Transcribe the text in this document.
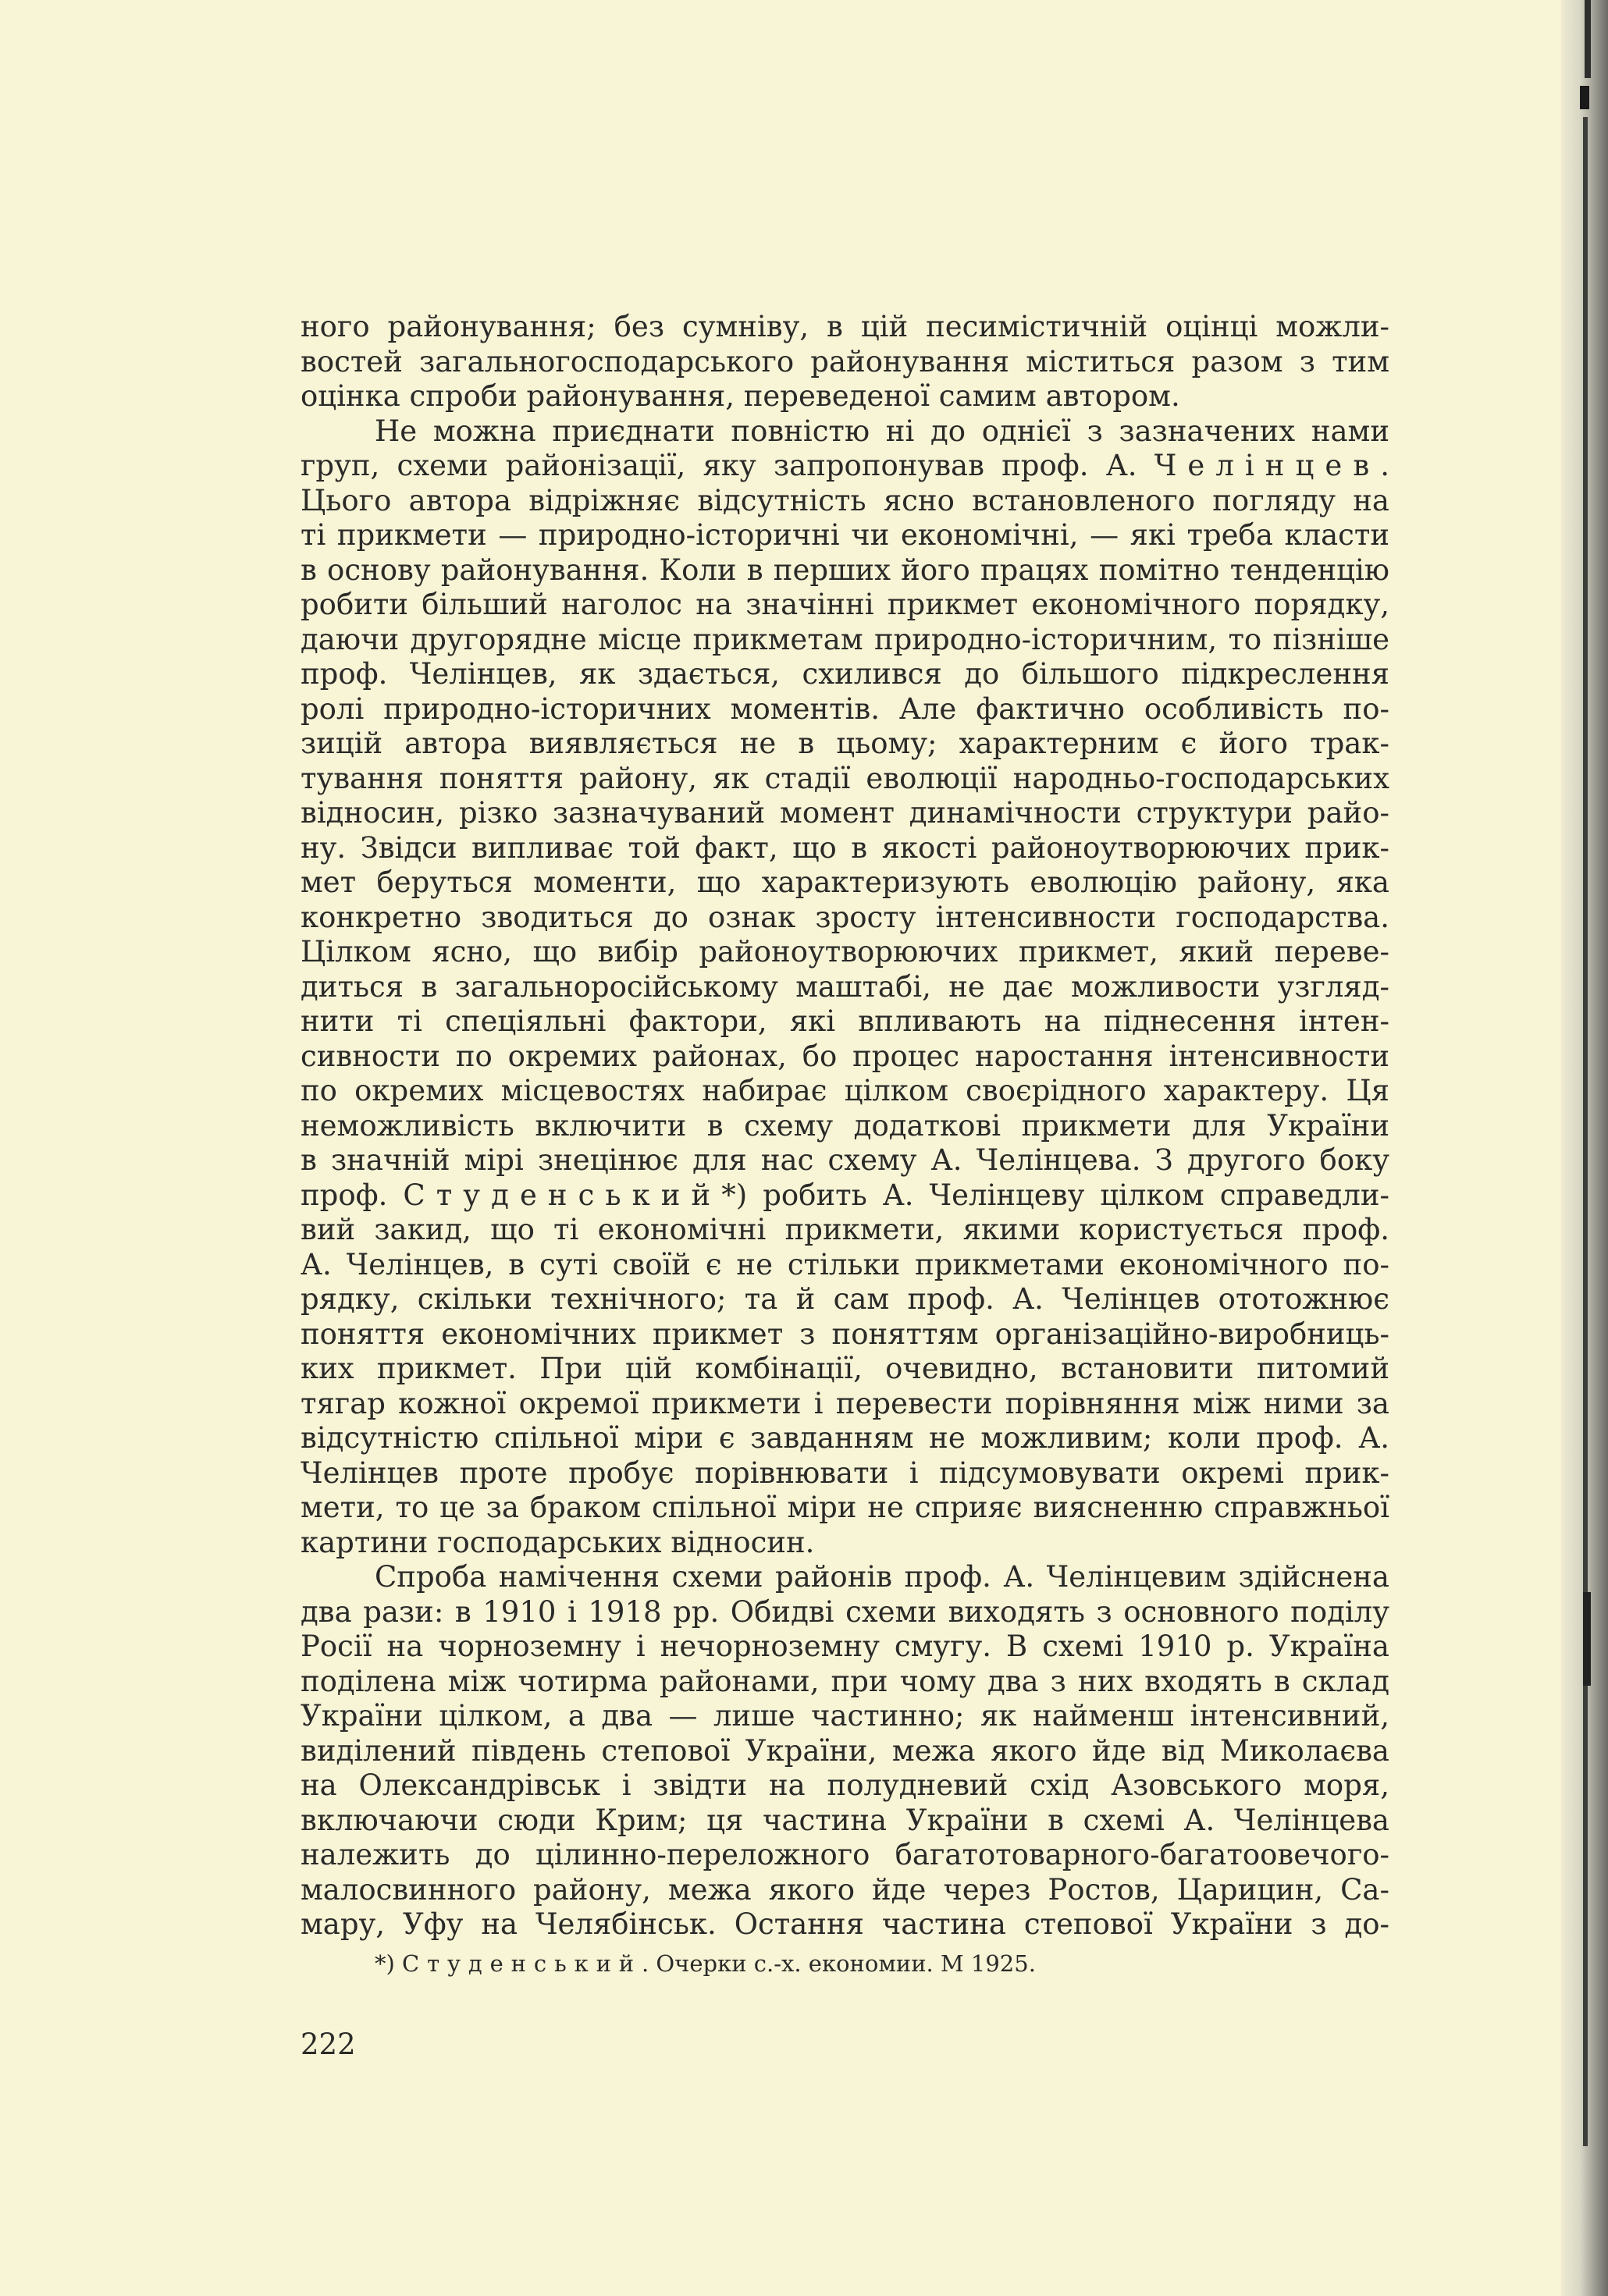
ного районування; без сумніву, в цій песимістичній оцінці можли-
востей загальногосподарського районування міститься разом з тим
оцінка спроби районування, переведеної самим автором.
Не можна приєднати повністю ні до однієї з зазначених нами
груп, схеми районізації, яку запропонував проф. А. Челінцев.
Цього автора відріжняє відсутність ясно встановленого погляду на
ті прикмети — природно-історичні чи економічні, — які треба класти
в основу районування. Коли в перших його працях помітно тенденцію
робити більший наголос на значінні прикмет економічного порядку,
даючи другорядне місце прикметам природно-історичним, то пізніше
проф. Челінцев, як здається, схилився до більшого підкреслення
ролі природно-історичних моментів. Але фактично особливість по-
зицій автора виявляється не в цьому; характерним є його трак-
тування поняття району, як стадії еволюції народньо-господарських
відносин, різко зазначуваний момент динамічности структури райо-
ну. Звідси випливає той факт, що в якості районоутворюючих прик-
мет беруться моменти, що характеризують еволюцію району, яка
конкретно зводиться до ознак зросту інтенсивности господарства.
Цілком ясно, що вибір районоутворюючих прикмет, який переве-
диться в загальноросійському маштабі, не дає можливости узгляд-
нити ті спеціяльні фактори, які впливають на піднесення інтен-
сивности по окремих районах, бо процес наростання інтенсивности
по окремих місцевостях набирає цілком своєрідного характеру. Ця
неможливість включити в схему додаткові прикмети для України
в значній мірі знецінює для нас схему А. Челінцева. З другого боку
проф. Студенський*) робить А. Челінцеву цілком справедли-
вий закид, що ті економічні прикмети, якими користується проф.
А. Челінцев, в суті своїй є не стільки прикметами економічного по-
рядку, скільки технічного; та й сам проф. А. Челінцев ототожнює
поняття економічних прикмет з поняттям організаційно-виробниць-
ких прикмет. При цій комбінації, очевидно, встановити питомий
тягар кожної окремої прикмети і перевести порівняння між ними за
відсутністю спільної міри є завданням не можливим; коли проф. А.
Челінцев проте пробує порівнювати і підсумовувати окремі прик-
мети, то це за браком спільної міри не сприяє виясненню справжньої
картини господарських відносин.
Спроба намічення схеми районів проф. А. Челінцевим здійснена
два рази: в 1910 і 1918 рр. Обидві схеми виходять з основного поділу
Росії на чорноземну і нечорноземну смугу. В схемі 1910 р. Україна
поділена між чотирма районами, при чому два з них входять в склад
України цілком, а два — лише частинно; як найменш інтенсивний,
виділений південь степової України, межа якого йде від Миколаєва
на Олександрівськ і звідти на полудневий схід Азовського моря,
включаючи сюди Крим; ця частина України в схемі А. Челінцева
належить до цілинно-переложного багатотоварного-багатоовечого-
малосвинного району, межа якого йде через Ростов, Царицин, Са-
мару, Уфу на Челябінськ. Остання частина степової України з до-
*) Студенський. Очерки с.-х. економии. М 1925.
222
